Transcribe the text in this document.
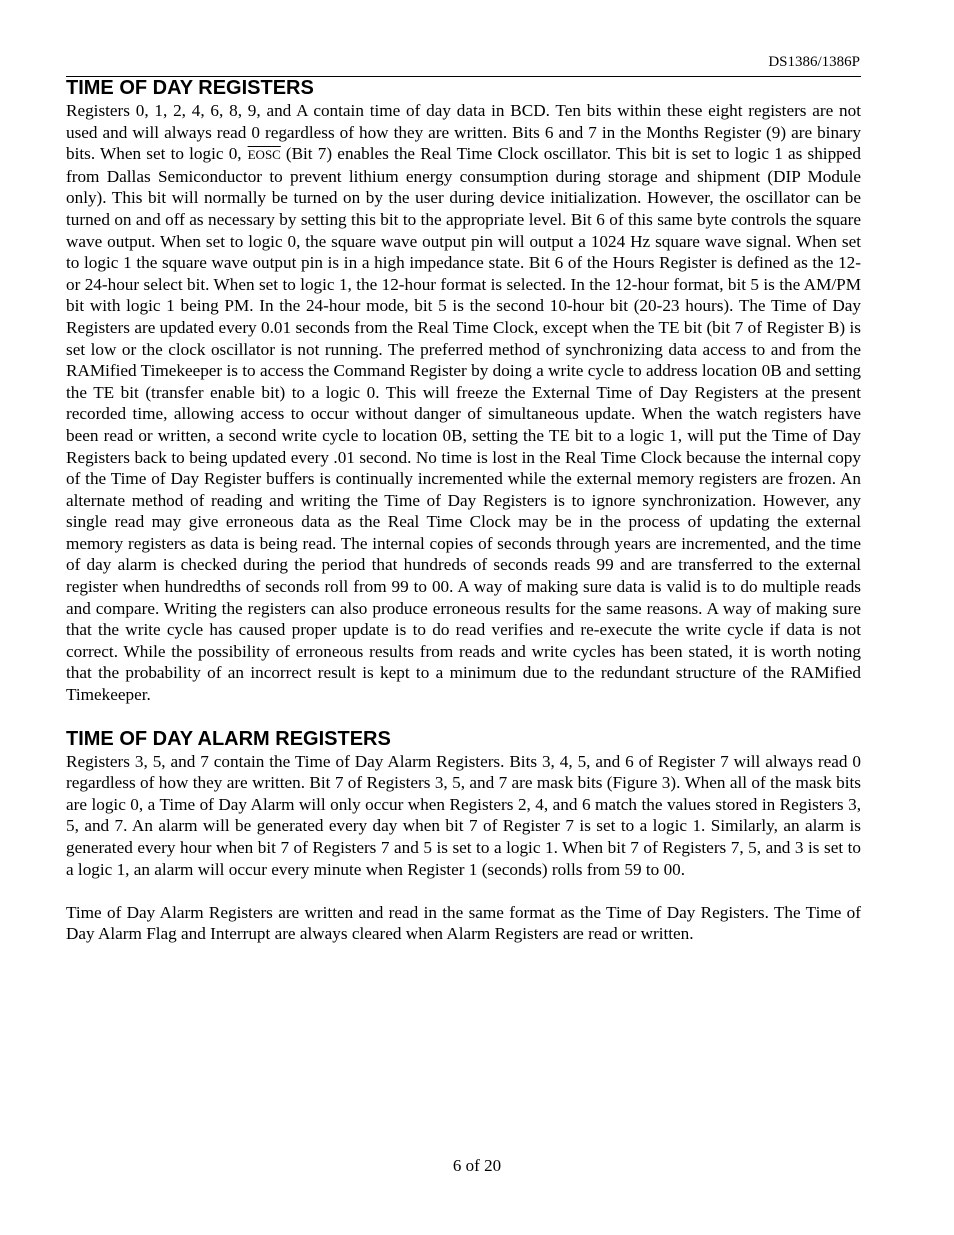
DS1386/1386P
TIME OF DAY REGISTERS

Registers 0, 1, 2, 4, 6, 8, 9, and A contain time of day data in BCD. Ten bits within these eight registers are not used and will always read 0 regardless of how they are written. Bits 6 and 7 in the Months Register (9) are binary bits. When set to logic 0, EOSC (Bit 7) enables the Real Time Clock oscillator. This bit is set to logic 1 as shipped from Dallas Semiconductor to prevent lithium energy consumption during storage and shipment (DIP Module only). This bit will normally be turned on by the user during device initialization. However, the oscillator can be turned on and off as necessary by setting this bit to the appropriate level. Bit 6 of this same byte controls the square wave output. When set to logic 0, the square wave output pin will output a 1024 Hz square wave signal. When set to logic 1 the square wave output pin is in a high impedance state. Bit 6 of the Hours Register is defined as the 12- or 24-hour select bit. When set to logic 1, the 12-hour format is selected. In the 12-hour format, bit 5 is the AM/PM bit with logic 1 being PM. In the 24-hour mode, bit 5 is the second 10-hour bit (20-23 hours). The Time of Day Registers are updated every 0.01 seconds from the Real Time Clock, except when the TE bit (bit 7 of Register B) is set low or the clock oscillator is not running. The preferred method of synchronizing data access to and from the RAMified Timekeeper is to access the Command Register by doing a write cycle to address location 0B and setting the TE bit (transfer enable bit) to a logic 0. This will freeze the External Time of Day Registers at the present recorded time, allowing access to occur without danger of simultaneous update. When the watch registers have been read or written, a second write cycle to location 0B, setting the TE bit to a logic 1, will put the Time of Day Registers back to being updated every .01 second. No time is lost in the Real Time Clock because the internal copy of the Time of Day Register buffers is continually incremented while the external memory registers are frozen. An alternate method of reading and writing the Time of Day Registers is to ignore synchronization. However, any single read may give erroneous data as the Real Time Clock may be in the process of updating the external memory registers as data is being read. The internal copies of seconds through years are incremented, and the time of day alarm is checked during the period that hundreds of seconds reads 99 and are transferred to the external register when hundredths of seconds roll from 99 to 00. A way of making sure data is valid is to do multiple reads and compare. Writing the registers can also produce erroneous results for the same reasons. A way of making sure that the write cycle has caused proper update is to do read verifies and re-execute the write cycle if data is not correct. While the possibility of erroneous results from reads and write cycles has been stated, it is worth noting that the probability of an incorrect result is kept to a minimum due to the redundant structure of the RAMified Timekeeper.

TIME OF DAY ALARM REGISTERS

Registers 3, 5, and 7 contain the Time of Day Alarm Registers. Bits 3, 4, 5, and 6 of Register 7 will always read 0 regardless of how they are written. Bit 7 of Registers 3, 5, and 7 are mask bits (Figure 3). When all of the mask bits are logic 0, a Time of Day Alarm will only occur when Registers 2, 4, and 6 match the values stored in Registers 3, 5, and 7. An alarm will be generated every day when bit 7 of Register 7 is set to a logic 1. Similarly, an alarm is generated every hour when bit 7 of Registers 7 and 5 is set to a logic 1. When bit 7 of Registers 7, 5, and 3 is set to a logic 1, an alarm will occur every minute when Register 1 (seconds) rolls from 59 to 00.

Time of Day Alarm Registers are written and read in the same format as the Time of Day Registers. The Time of Day Alarm Flag and Interrupt are always cleared when Alarm Registers are read or written.

6 of 20
